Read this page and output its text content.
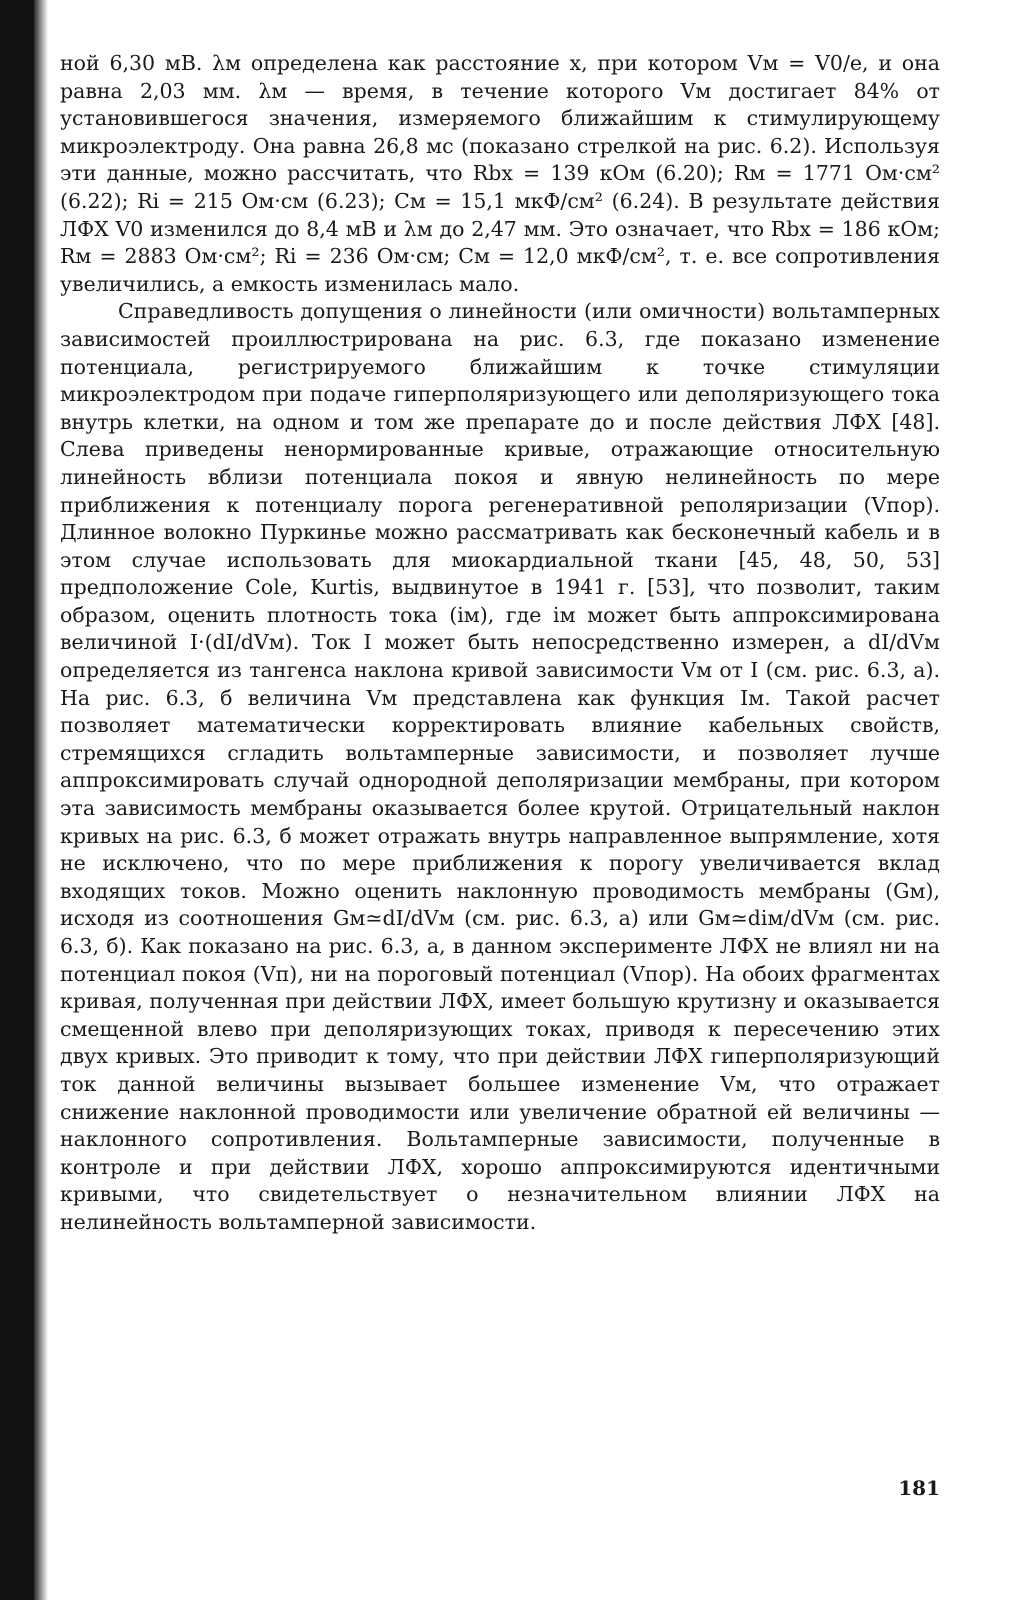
ной 6,30 мВ. λм определена как расстояние х, при котором Vм = V0/e, и она равна 2,03 мм. λм — время, в течение которого Vм достигает 84% от установившегося значения, измеряемого ближайшим к стимулирующему микроэлектроду. Она равна 26,8 мс (показано стрелкой на рис. 6.2). Используя эти данные, можно рассчитать, что Rbx = 139 кОм (6.20); Rм = 1771 Ом·см² (6.22); Ri = 215 Ом·см (6.23); Cм = 15,1 мкФ/см² (6.24). В результате действия ЛФХ V0 изменился до 8,4 мВ и λм до 2,47 мм. Это означает, что Rbx = 186 кОм; Rм = 2883 Ом·см²; Ri = 236 Ом·см; Cм = 12,0 мкФ/см², т. е. все сопротивления увеличились, а емкость изменилась мало.

Справедливость допущения о линейности (или омичности) вольтамперных зависимостей проиллюстрирована на рис. 6.3, где показано изменение потенциала, регистрируемого ближайшим к точке стимуляции микроэлектродом при подаче гиперполяризующего или деполяризующего тока внутрь клетки, на одном и том же препарате до и после действия ЛФХ [48]. Слева приведены ненормированные кривые, отражающие относительную линейность вблизи потенциала покоя и явную нелинейность по мере приближения к потенциалу порога регенеративной реполяризации (Vпор). Длинное волокно Пуркинье можно рассматривать как бесконечный кабель и в этом случае использовать для миокардиальной ткани [45, 48, 50, 53] предположение Cole, Kurtis, выдвинутое в 1941 г. [53], что позволит, таким образом, оценить плотность тока (iм), где iм может быть аппроксимирована величиной I·(dI/dVм). Ток I может быть непосредственно измерен, а dI/dVм определяется из тангенса наклона кривой зависимости Vм от I (см. рис. 6.3, а). На рис. 6.3, б величина Vм представлена как функция Iм. Такой расчет позволяет математически корректировать влияние кабельных свойств, стремящихся сгладить вольтамперные зависимости, и позволяет лучше аппроксимировать случай однородной деполяризации мембраны, при котором эта зависимость мембраны оказывается более крутой. Отрицательный наклон кривых на рис. 6.3, б может отражать внутрь направленное выпрямление, хотя не исключено, что по мере приближения к порогу увеличивается вклад входящих токов. Можно оценить наклонную проводимость мембраны (Gм), исходя из соотношения Gм≃dI/dVм (см. рис. 6.3, а) или Gм≃diм/dVм (см. рис. 6.3, б). Как показано на рис. 6.3, а, в данном эксперименте ЛФХ не влиял ни на потенциал покоя (Vп), ни на пороговый потенциал (Vпор). На обоих фрагментах кривая, полученная при действии ЛФХ, имеет большую крутизну и оказывается смещенной влево при деполяризующих токах, приводя к пересечению этих двух кривых. Это приводит к тому, что при действии ЛФХ гиперполяризующий ток данной величины вызывает большее изменение Vм, что отражает снижение наклонной проводимости или увеличение обратной ей величины — наклонного сопротивления. Вольтамперные зависимости, полученные в контроле и при действии ЛФХ, хорошо аппроксимируются идентичными кривыми, что свидетельствует о незначительном влиянии ЛФХ на нелинейность вольтамперной зависимости.

181
